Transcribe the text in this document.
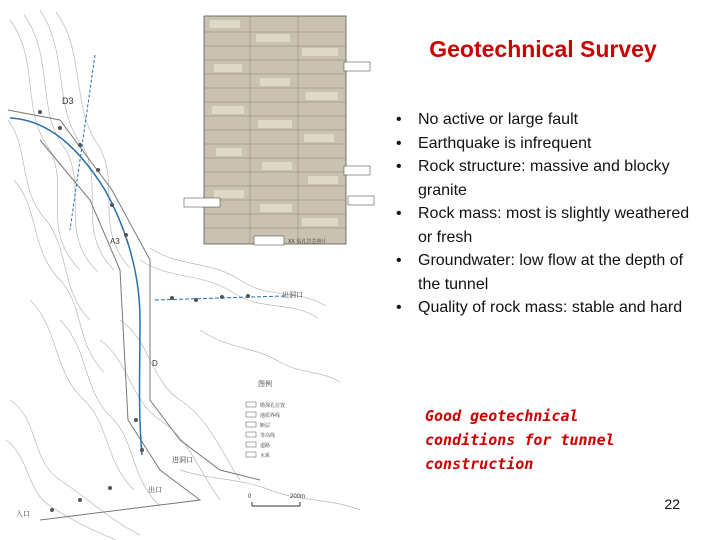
D3
A3
D
出洞口
进洞口
入口
出口
XX 钻孔岩芯照片
图例
勘探孔位置
地质界线
断层
等高线
道路
水系
0	200m
Geotechnical Survey
• No active or large fault
• Earthquake is infrequent
• Rock structure: massive and blocky granite
• Rock mass: most is slightly weathered or fresh
• Groundwater: low flow at the depth of the tunnel
• Quality of rock mass: stable and hard
Good geotechnical conditions for tunnel construction
22
